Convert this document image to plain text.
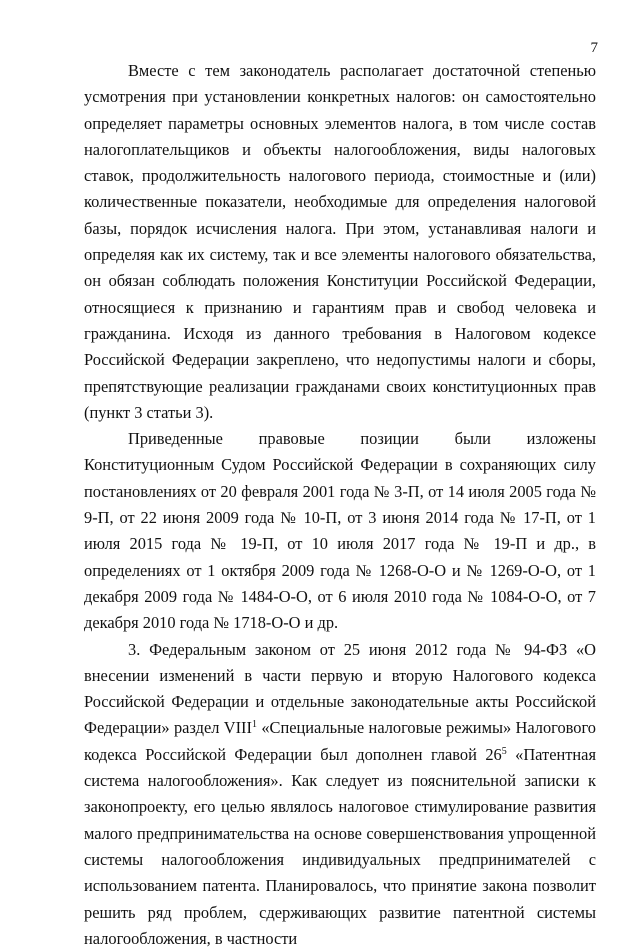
7

Вместе с тем законодатель располагает достаточной степенью усмотрения при установлении конкретных налогов: он самостоятельно определяет параметры основных элементов налога, в том числе состав налогоплательщиков и объекты налогообложения, виды налоговых ставок, продолжительность налогового периода, стоимостные и (или) количественные показатели, необходимые для определения налоговой базы, порядок исчисления налога. При этом, устанавливая налоги и определяя как их систему, так и все элементы налогового обязательства, он обязан соблюдать положения Конституции Российской Федерации, относящиеся к признанию и гарантиям прав и свобод человека и гражданина. Исходя из данного требования в Налоговом кодексе Российской Федерации закреплено, что недопустимы налоги и сборы, препятствующие реализации гражданами своих конституционных прав (пункт 3 статьи 3).

Приведенные правовые позиции были изложены Конституционным Судом Российской Федерации в сохраняющих силу постановлениях от 20 февраля 2001 года № 3-П, от 14 июля 2005 года № 9-П, от 22 июня 2009 года № 10-П, от 3 июня 2014 года № 17-П, от 1 июля 2015 года № 19-П, от 10 июля 2017 года № 19-П и др., в определениях от 1 октября 2009 года № 1268-О-О и № 1269-О-О, от 1 декабря 2009 года № 1484-О-О, от 6 июля 2010 года № 1084-О-О, от 7 декабря 2010 года № 1718-О-О и др.

3. Федеральным законом от 25 июня 2012 года № 94-ФЗ «О внесении изменений в части первую и вторую Налогового кодекса Российской Федерации и отдельные законодательные акты Российской Федерации» раздел VIII$^1$ «Специальные налоговые режимы» Налогового кодекса Российской Федерации был дополнен главой $26^5$ «Патентная система налогообложения». Как следует из пояснительной записки к законопроекту, его целью являлось налоговое стимулирование развития малого предпринимательства на основе совершенствования упрощенной системы налогообложения индивидуальных предпринимателей с использованием патента. Планировалось, что принятие закона позволит решить ряд проблем, сдерживающих развитие патентной системы налогообложения, в частности
